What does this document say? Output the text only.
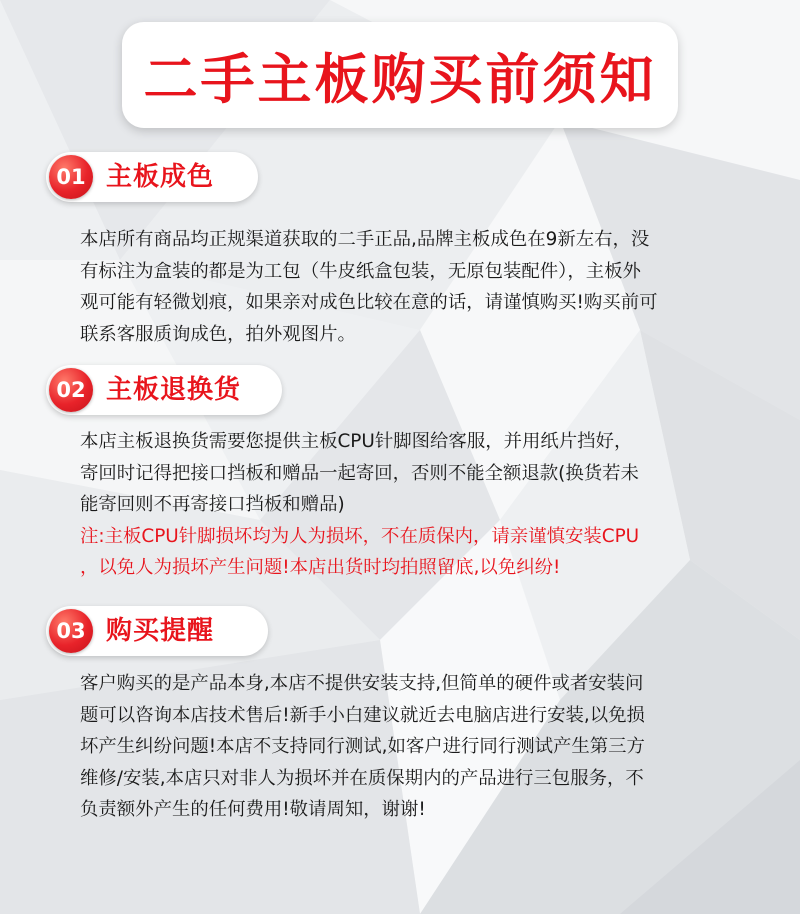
二手主板购买前须知
01 主板成色
本店所有商品均正规渠道获取的二手正品,品牌主板成色在9新左右，没
有标注为盒装的都是为工包（牛皮纸盒包装，无原包装配件），主板外
观可能有轻微划痕，如果亲对成色比较在意的话，请谨慎购买!购买前可
联系客服质询成色，拍外观图片。
02 主板退换货
本店主板退换货需要您提供主板CPU针脚图给客服，并用纸片挡好，
寄回时记得把接口挡板和赠品一起寄回，否则不能全额退款(换货若未
能寄回则不再寄接口挡板和赠品)
注:主板CPU针脚损坏均为人为损坏，不在质保内，请亲谨慎安装CPU
，以免人为损坏产生问题!本店出货时均拍照留底,以免纠纷!
03 购买提醒
客户购买的是产品本身,本店不提供安装支持,但简单的硬件或者安装问
题可以咨询本店技术售后!新手小白建议就近去电脑店进行安装,以免损
坏产生纠纷问题!本店不支持同行测试,如客户进行同行测试产生第三方
维修/安装,本店只对非人为损坏并在质保期内的产品进行三包服务，不
负责额外产生的任何费用!敬请周知，谢谢!
